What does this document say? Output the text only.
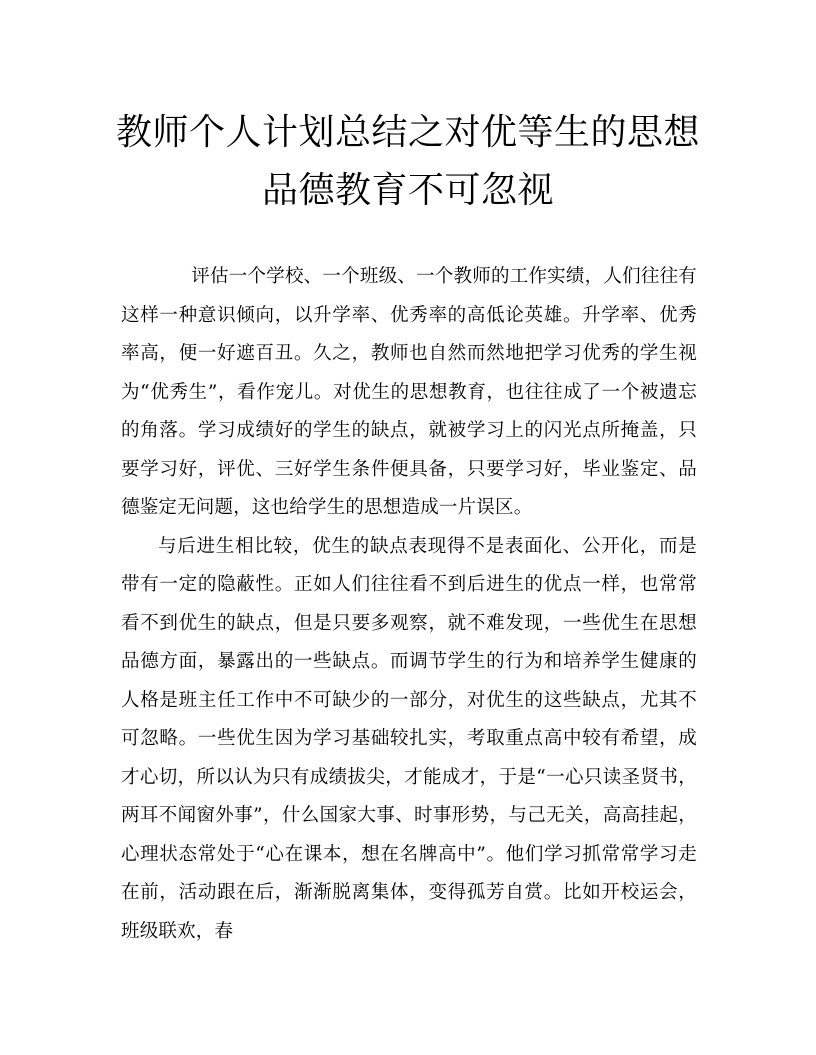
教师个人计划总结之对优等生的思想
品德教育不可忽视

评估一个学校、一个班级、一个教师的工作实绩，人们往往有这样一种意识倾向，以升学率、优秀率的高低论英雄。升学率、优秀率高，便一好遮百丑。久之，教师也自然而然地把学习优秀的学生视为“优秀生”，看作宠儿。对优生的思想教育，也往往成了一个被遗忘的角落。学习成绩好的学生的缺点，就被学习上的闪光点所掩盖，只要学习好，评优、三好学生条件便具备，只要学习好，毕业鉴定、品德鉴定无问题，这也给学生的思想造成一片误区。

与后进生相比较，优生的缺点表现得不是表面化、公开化，而是带有一定的隐蔽性。正如人们往往看不到后进生的优点一样，也常常看不到优生的缺点，但是只要多观察，就不难发现，一些优生在思想品德方面，暴露出的一些缺点。而调节学生的行为和培养学生健康的人格是班主任工作中不可缺少的一部分，对优生的这些缺点，尤其不可忽略。一些优生因为学习基础较扎实，考取重点高中较有希望，成才心切，所以认为只有成绩拔尖，才能成才，于是“一心只读圣贤书，两耳不闻窗外事”，什么国家大事、时事形势，与己无关，高高挂起，心理状态常处于“心在课本，想在名牌高中”。他们学习抓常常学习走在前，活动跟在后，渐渐脱离集体，变得孤芳自赏。比如开校运会，班级联欢，春
